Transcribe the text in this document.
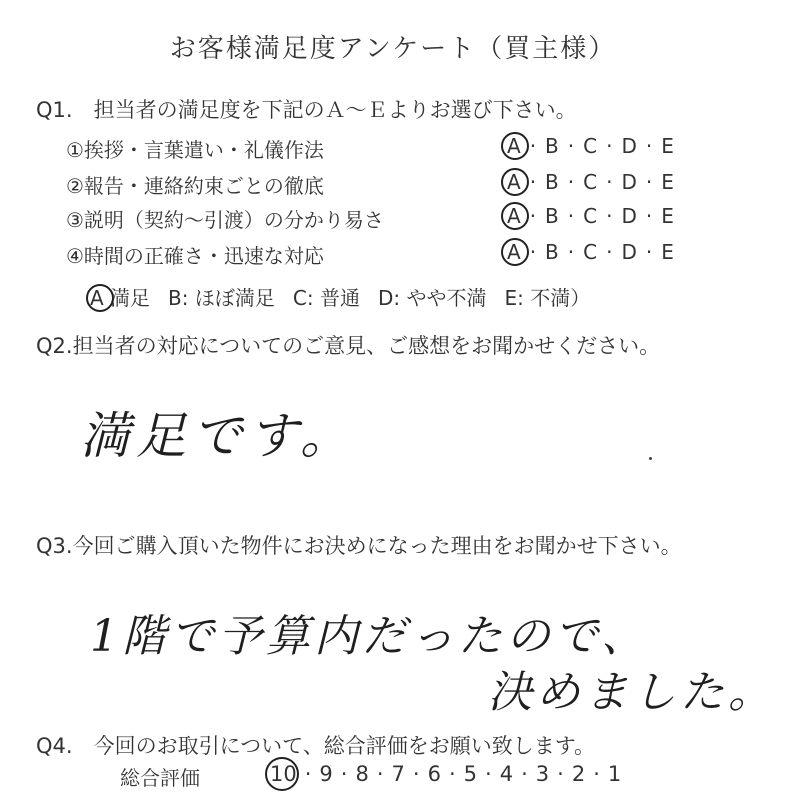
お客様満足度アンケート（買主様）
Q1.　担当者の満足度を下記のＡ～Ｅよりお選び下さい。
①挨拶・言葉遣い・礼儀作法	A · B · C · D · E
②報告・連絡約束ごとの徹底	A · B · C · D · E
③説明（契約～引渡）の分かり易さ	A · B · C · D · E
④時間の正確さ・迅速な対応	A · B · C · D · E
A 満足 B: ほぼ満足 C: 普通 D: やや不満 E: 不満）
Q2.担当者の対応についてのご意見、ご感想をお聞かせください。
満足です。
Q3.今回ご購入頂いた物件にお決めになった理由をお聞かせ下さい。
1階で予算内だったので、
決めました。
Q4.　今回のお取引について、総合評価をお願い致します。
総合評価	10 · 9 · 8 · 7 · 6 · 5 · 4 · 3 · 2 · 1
